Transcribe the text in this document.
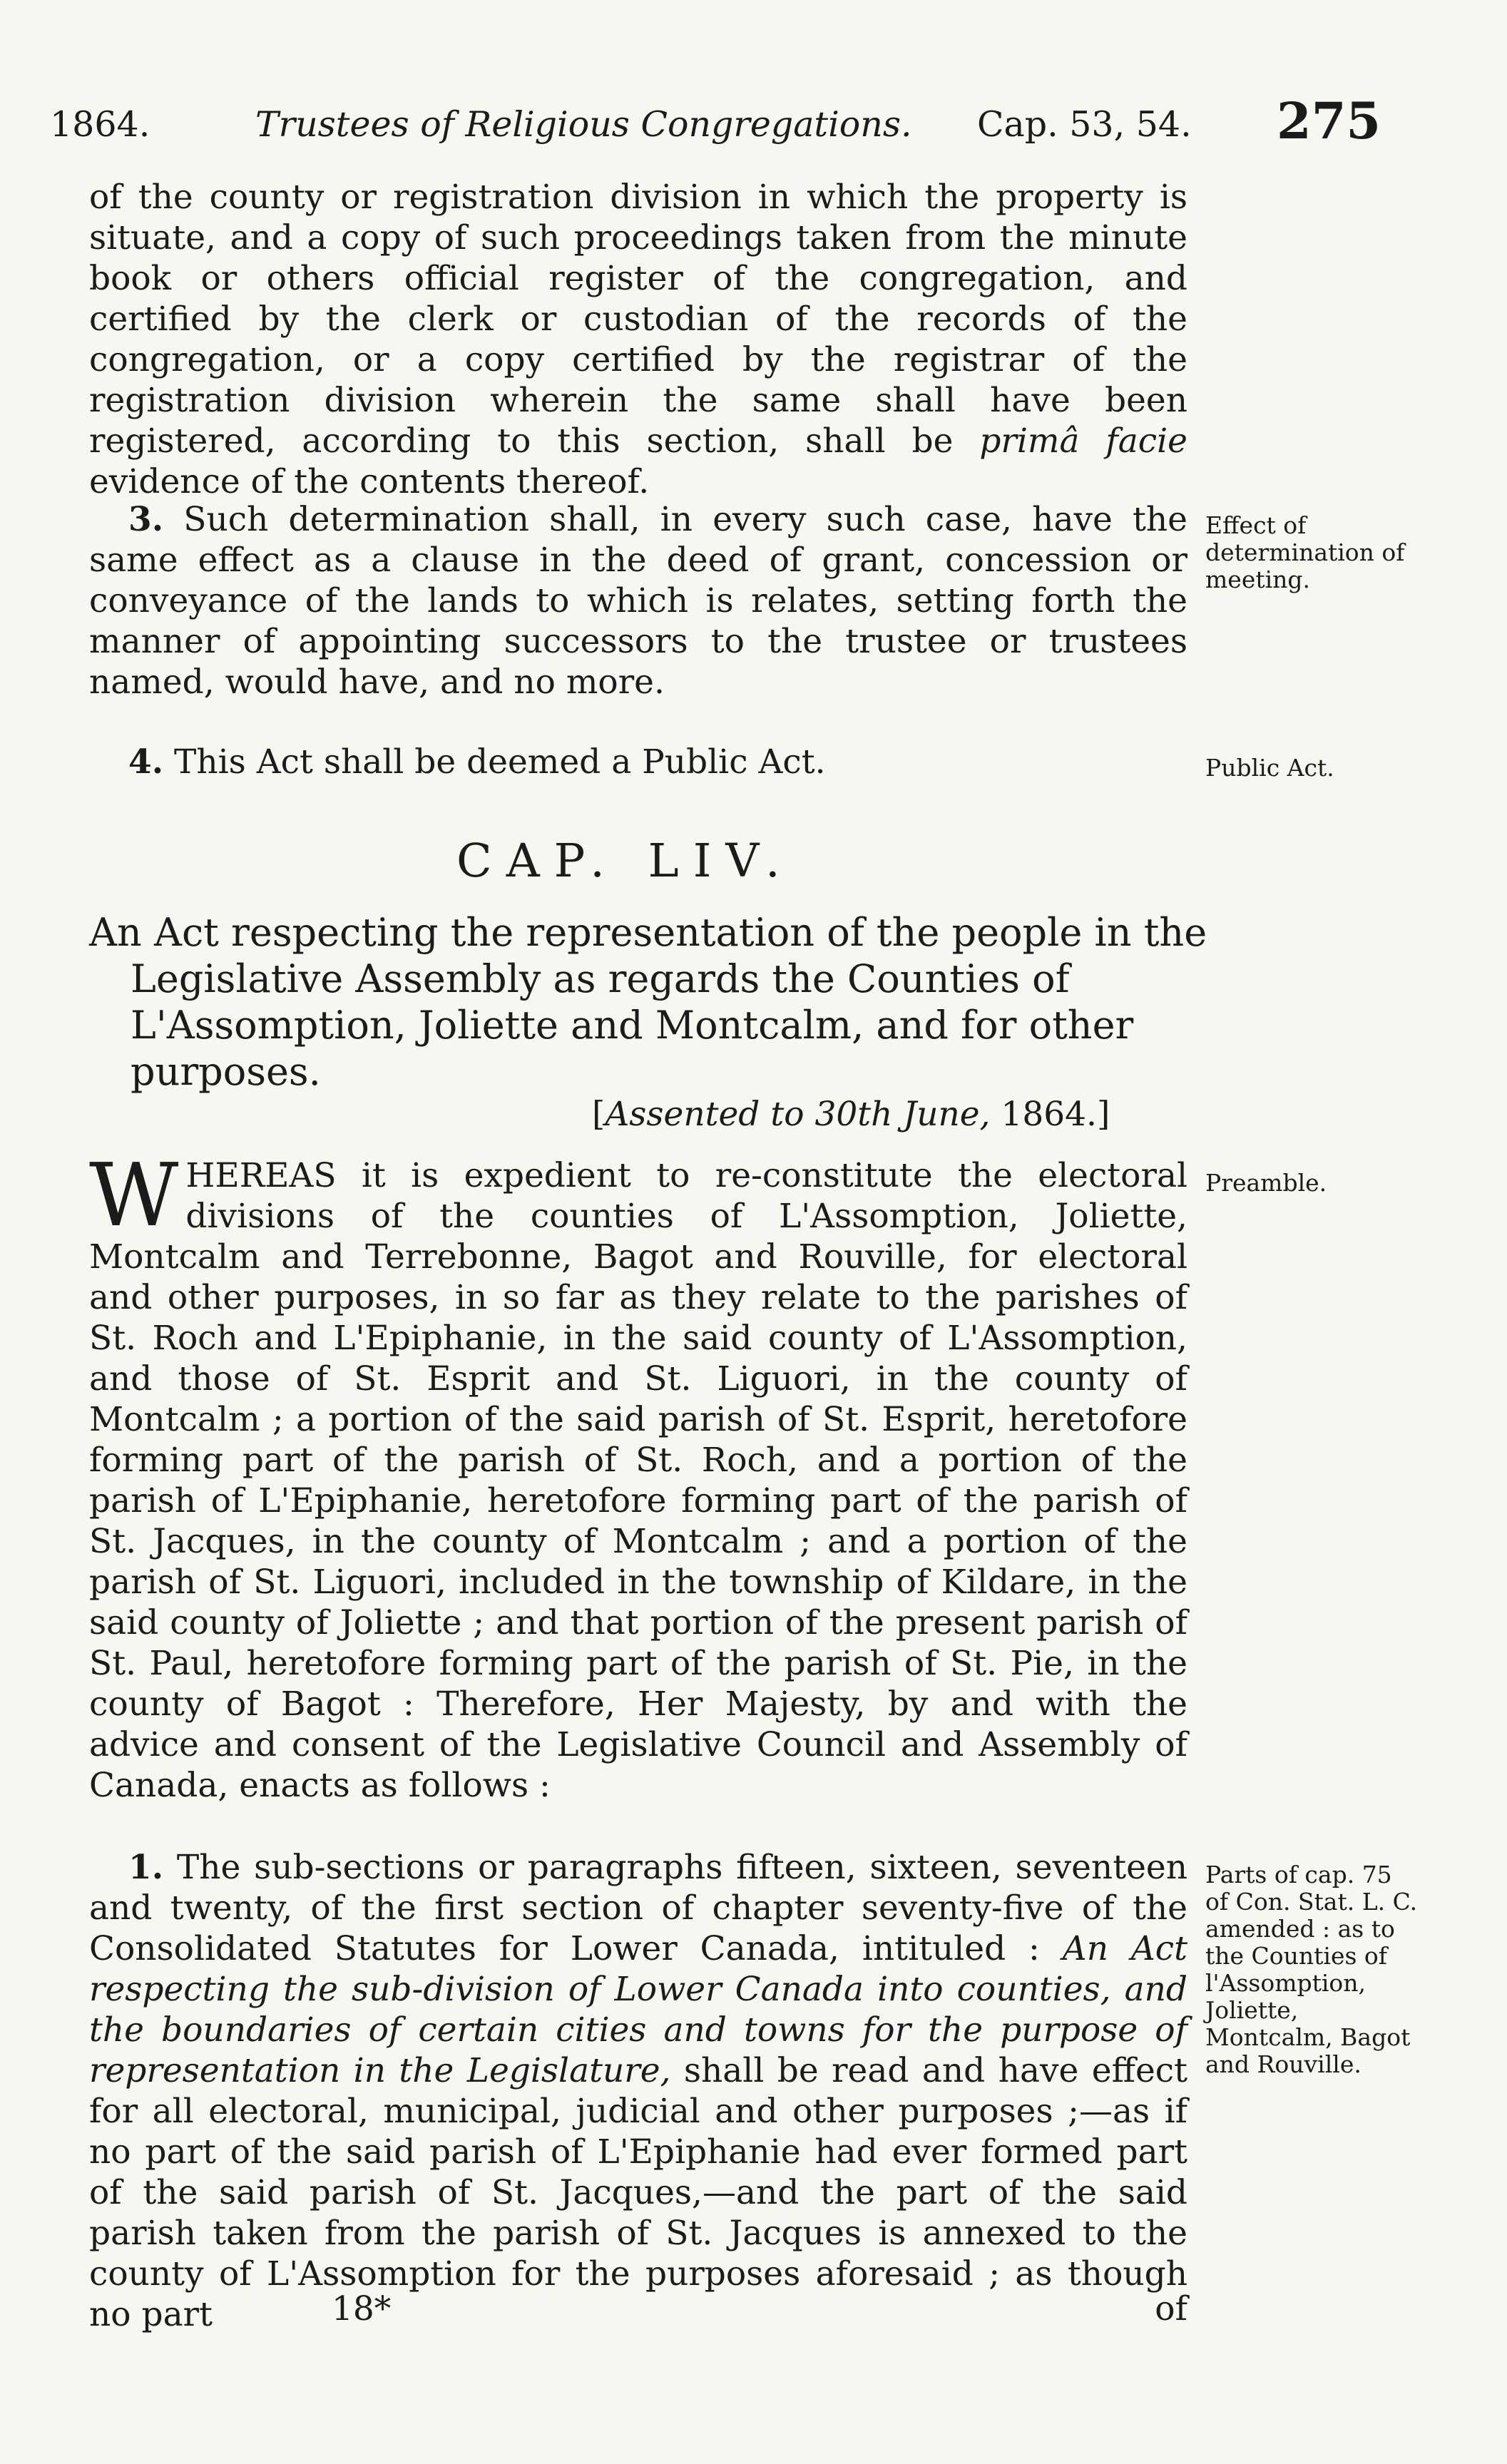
1864.	Trustees of Religious Congregations. Cap. 53, 54. 275
of the county or registration division in which the property is situate, and a copy of such proceedings taken from the minute book or others official register of the congregation, and certified by the clerk or custodian of the records of the congregation, or a copy certified by the registrar of the registration division wherein the same shall have been registered, according to this section, shall be primâ facie evidence of the contents thereof.
3. Such determination shall, in every such case, have the same effect as a clause in the deed of grant, concession or conveyance of the lands to which is relates, setting forth the manner of appointing successors to the trustee or trustees named, would have, and no more.
Effect of determination of meeting.
4. This Act shall be deemed a Public Act.	Public Act.
CAP. LIV.
An Act respecting the representation of the people in the Legislative Assembly as regards the Counties of L'Assomption, Joliette and Montcalm, and for other purposes.
[Assented to 30th June, 1864.]
WHEREAS it is expedient to re-constitute the electoral divisions of the counties of L'Assomption, Joliette, Montcalm and Terrebonne, Bagot and Rouville, for electoral and other purposes, in so far as they relate to the parishes of St. Roch and L'Epiphanie, in the said county of L'Assomption, and those of St. Esprit and St. Liguori, in the county of Montcalm ; a portion of the said parish of St. Esprit, heretofore forming part of the parish of St. Roch, and a portion of the parish of L'Epiphanie, heretofore forming part of the parish of St. Jacques, in the county of Montcalm ; and a portion of the parish of St. Liguori, included in the township of Kildare, in the said county of Joliette ; and that portion of the present parish of St. Paul, heretofore forming part of the parish of St. Pie, in the county of Bagot : Therefore, Her Majesty, by and with the advice and consent of the Legislative Council and Assembly of Canada, enacts as follows :
Preamble.
1. The sub-sections or paragraphs fifteen, sixteen, seventeen and twenty, of the first section of chapter seventy-five of the Consolidated Statutes for Lower Canada, intituled : An Act respecting the sub-division of Lower Canada into counties, and the boundaries of certain cities and towns for the purpose of representation in the Legislature, shall be read and have effect for all electoral, municipal, judicial and other purposes ;—as if no part of the said parish of L'Epiphanie had ever formed part of the said parish of St. Jacques,—and the part of the said parish taken from the parish of St. Jacques is annexed to the county of L'Assomption for the purposes aforesaid ; as though no part
Parts of cap. 75 of Con. Stat. L. C. amended : as to the Counties of l'Assomption, Joliette, Montcalm, Bagot and Rouville.
18*	of
